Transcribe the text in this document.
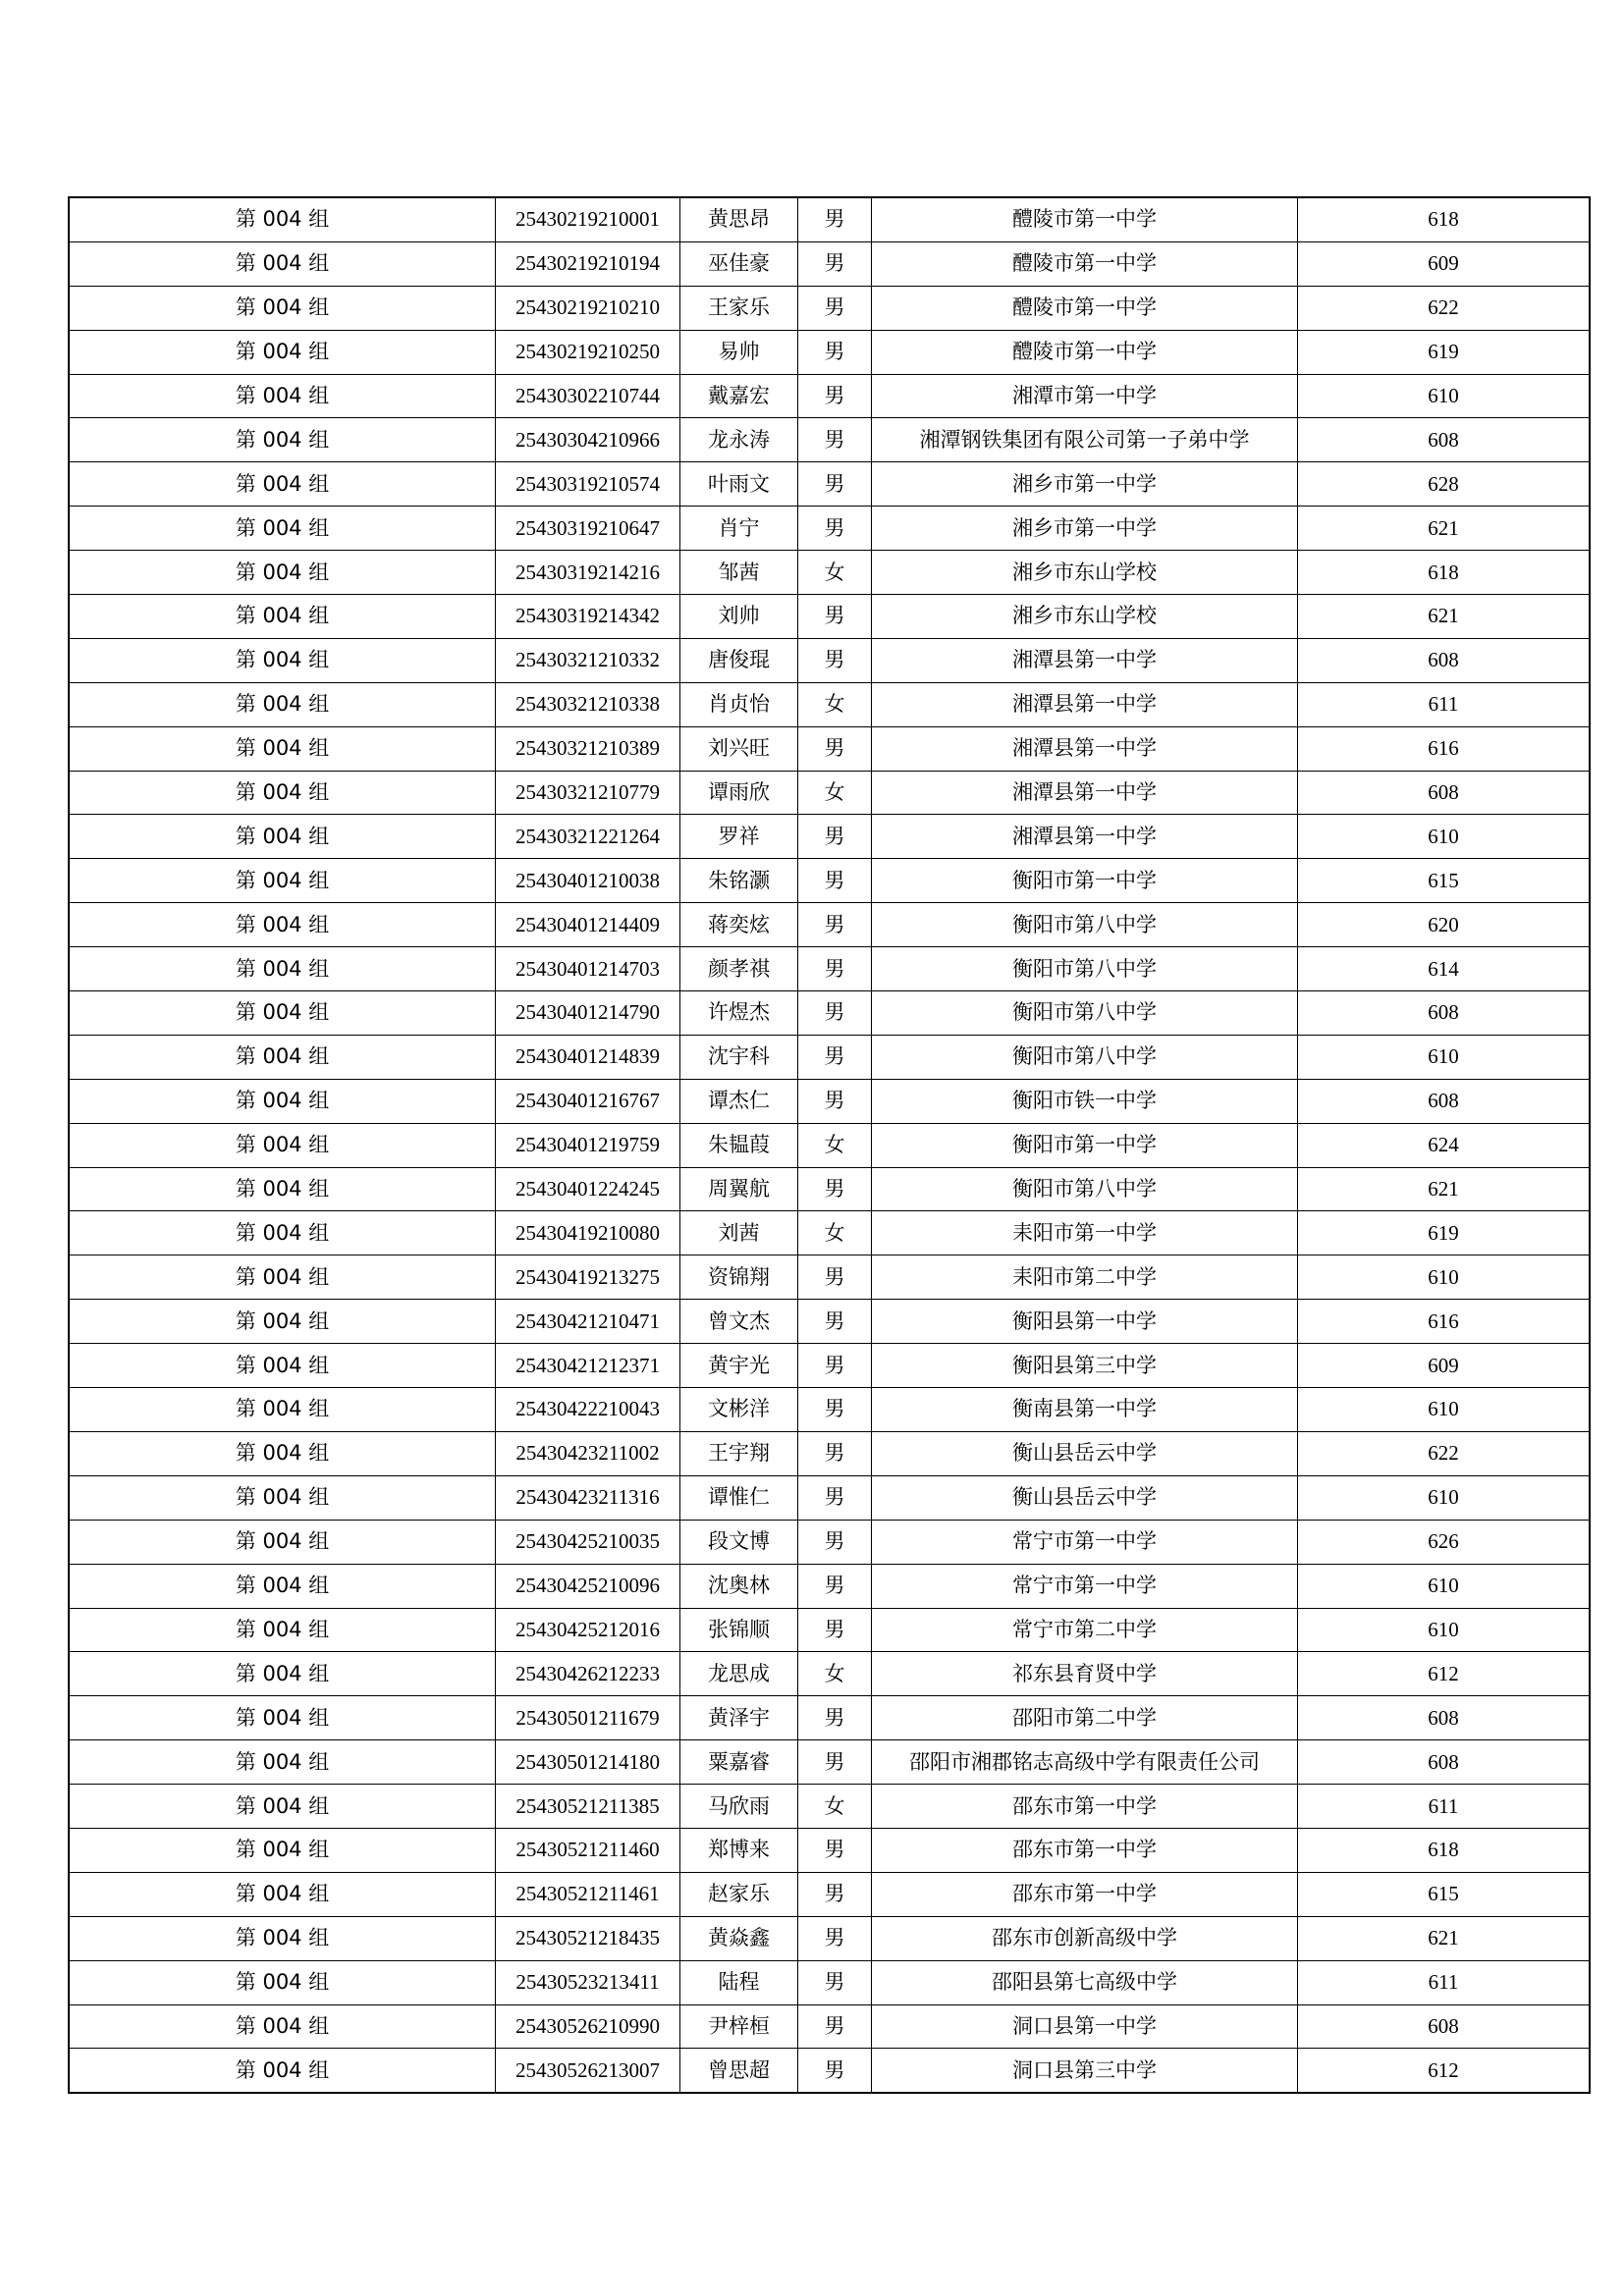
第 004 组	25430219210001	黄思昂	男	醴陵市第一中学	618
第 004 组	25430219210194	巫佳豪	男	醴陵市第一中学	609
第 004 组	25430219210210	王家乐	男	醴陵市第一中学	622
第 004 组	25430219210250	易帅	男	醴陵市第一中学	619
第 004 组	25430302210744	戴嘉宏	男	湘潭市第一中学	610
第 004 组	25430304210966	龙永涛	男	湘潭钢铁集团有限公司第一子弟中学	608
第 004 组	25430319210574	叶雨文	男	湘乡市第一中学	628
第 004 组	25430319210647	肖宁	男	湘乡市第一中学	621
第 004 组	25430319214216	邹茜	女	湘乡市东山学校	618
第 004 组	25430319214342	刘帅	男	湘乡市东山学校	621
第 004 组	25430321210332	唐俊琨	男	湘潭县第一中学	608
第 004 组	25430321210338	肖贞怡	女	湘潭县第一中学	611
第 004 组	25430321210389	刘兴旺	男	湘潭县第一中学	616
第 004 组	25430321210779	谭雨欣	女	湘潭县第一中学	608
第 004 组	25430321221264	罗祥	男	湘潭县第一中学	610
第 004 组	25430401210038	朱铭灏	男	衡阳市第一中学	615
第 004 组	25430401214409	蒋奕炫	男	衡阳市第八中学	620
第 004 组	25430401214703	颜孝祺	男	衡阳市第八中学	614
第 004 组	25430401214790	许煜杰	男	衡阳市第八中学	608
第 004 组	25430401214839	沈宇科	男	衡阳市第八中学	610
第 004 组	25430401216767	谭杰仁	男	衡阳市铁一中学	608
第 004 组	25430401219759	朱韫葭	女	衡阳市第一中学	624
第 004 组	25430401224245	周翼航	男	衡阳市第八中学	621
第 004 组	25430419210080	刘茜	女	耒阳市第一中学	619
第 004 组	25430419213275	资锦翔	男	耒阳市第二中学	610
第 004 组	25430421210471	曾文杰	男	衡阳县第一中学	616
第 004 组	25430421212371	黄宇光	男	衡阳县第三中学	609
第 004 组	25430422210043	文彬洋	男	衡南县第一中学	610
第 004 组	25430423211002	王宇翔	男	衡山县岳云中学	622
第 004 组	25430423211316	谭惟仁	男	衡山县岳云中学	610
第 004 组	25430425210035	段文博	男	常宁市第一中学	626
第 004 组	25430425210096	沈奥林	男	常宁市第一中学	610
第 004 组	25430425212016	张锦顺	男	常宁市第二中学	610
第 004 组	25430426212233	龙思成	女	祁东县育贤中学	612
第 004 组	25430501211679	黄泽宇	男	邵阳市第二中学	608
第 004 组	25430501214180	粟嘉睿	男	邵阳市湘郡铭志高级中学有限责任公司	608
第 004 组	25430521211385	马欣雨	女	邵东市第一中学	611
第 004 组	25430521211460	郑博来	男	邵东市第一中学	618
第 004 组	25430521211461	赵家乐	男	邵东市第一中学	615
第 004 组	25430521218435	黄焱鑫	男	邵东市创新高级中学	621
第 004 组	25430523213411	陆程	男	邵阳县第七高级中学	611
第 004 组	25430526210990	尹梓桓	男	洞口县第一中学	608
第 004 组	25430526213007	曾思超	男	洞口县第三中学	612
